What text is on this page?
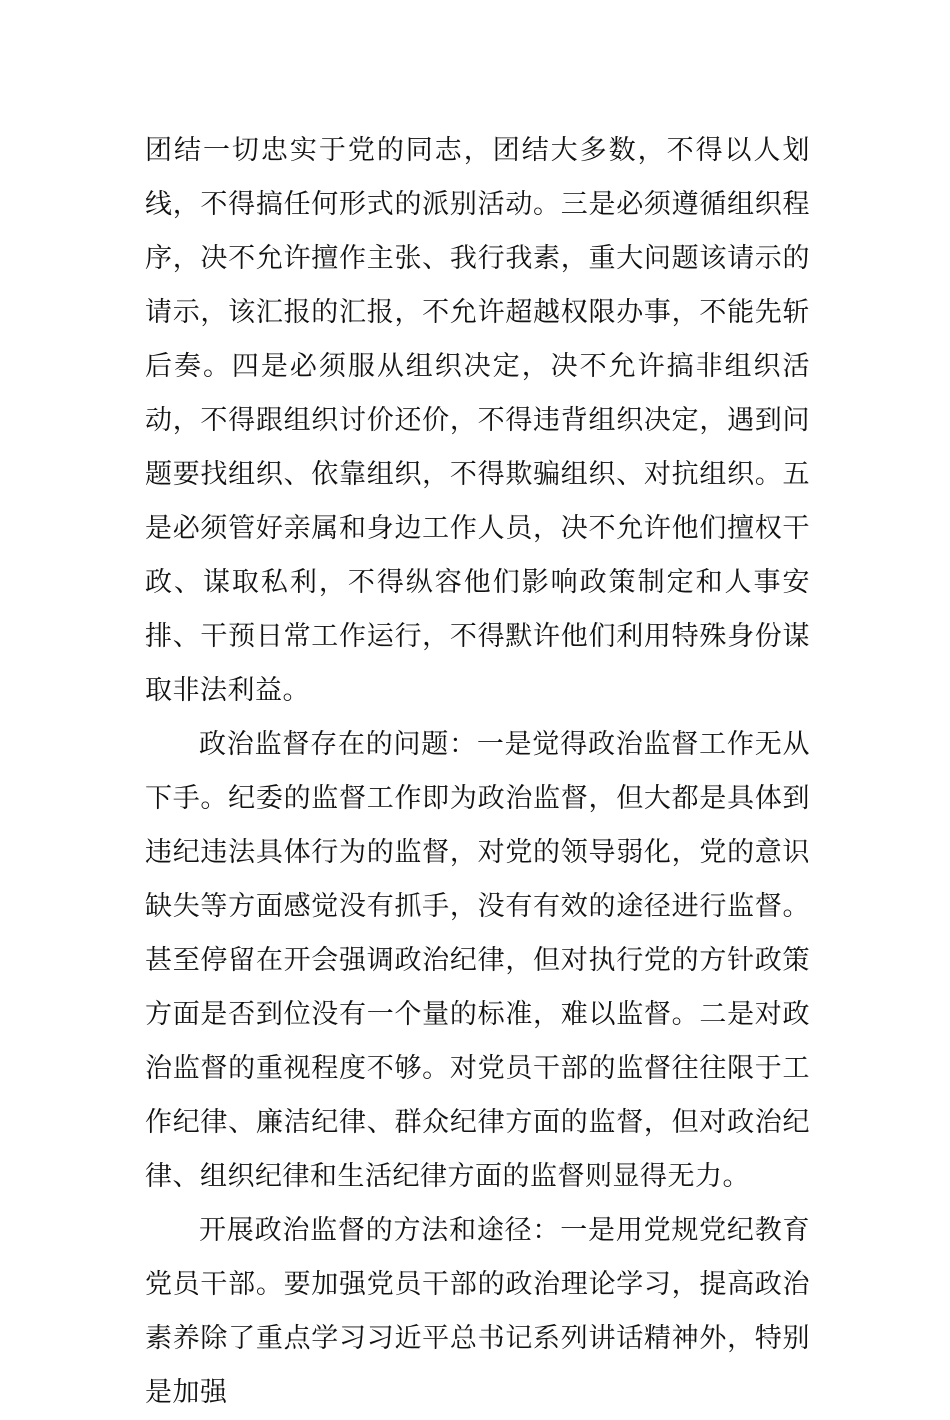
团结一切忠实于党的同志，团结大多数，不得以人划线，不得搞任何形式的派别活动。三是必须遵循组织程序，决不允许擅作主张、我行我素，重大问题该请示的请示，该汇报的汇报，不允许超越权限办事，不能先斩后奏。四是必须服从组织决定，决不允许搞非组织活动，不得跟组织讨价还价，不得违背组织决定，遇到问题要找组织、依靠组织，不得欺骗组织、对抗组织。五是必须管好亲属和身边工作人员，决不允许他们擅权干政、谋取私利，不得纵容他们影响政策制定和人事安排、干预日常工作运行，不得默许他们利用特殊身份谋取非法利益。

政治监督存在的问题：一是觉得政治监督工作无从下手。纪委的监督工作即为政治监督，但大都是具体到违纪违法具体行为的监督，对党的领导弱化，党的意识缺失等方面感觉没有抓手，没有有效的途径进行监督。甚至停留在开会强调政治纪律，但对执行党的方针政策方面是否到位没有一个量的标准，难以监督。二是对政治监督的重视程度不够。对党员干部的监督往往限于工作纪律、廉洁纪律、群众纪律方面的监督，但对政治纪律、组织纪律和生活纪律方面的监督则显得无力。

开展政治监督的方法和途径：一是用党规党纪教育党员干部。要加强党员干部的政治理论学习，提高政治素养除了重点学习习近平总书记系列讲话精神外，特别是加强
